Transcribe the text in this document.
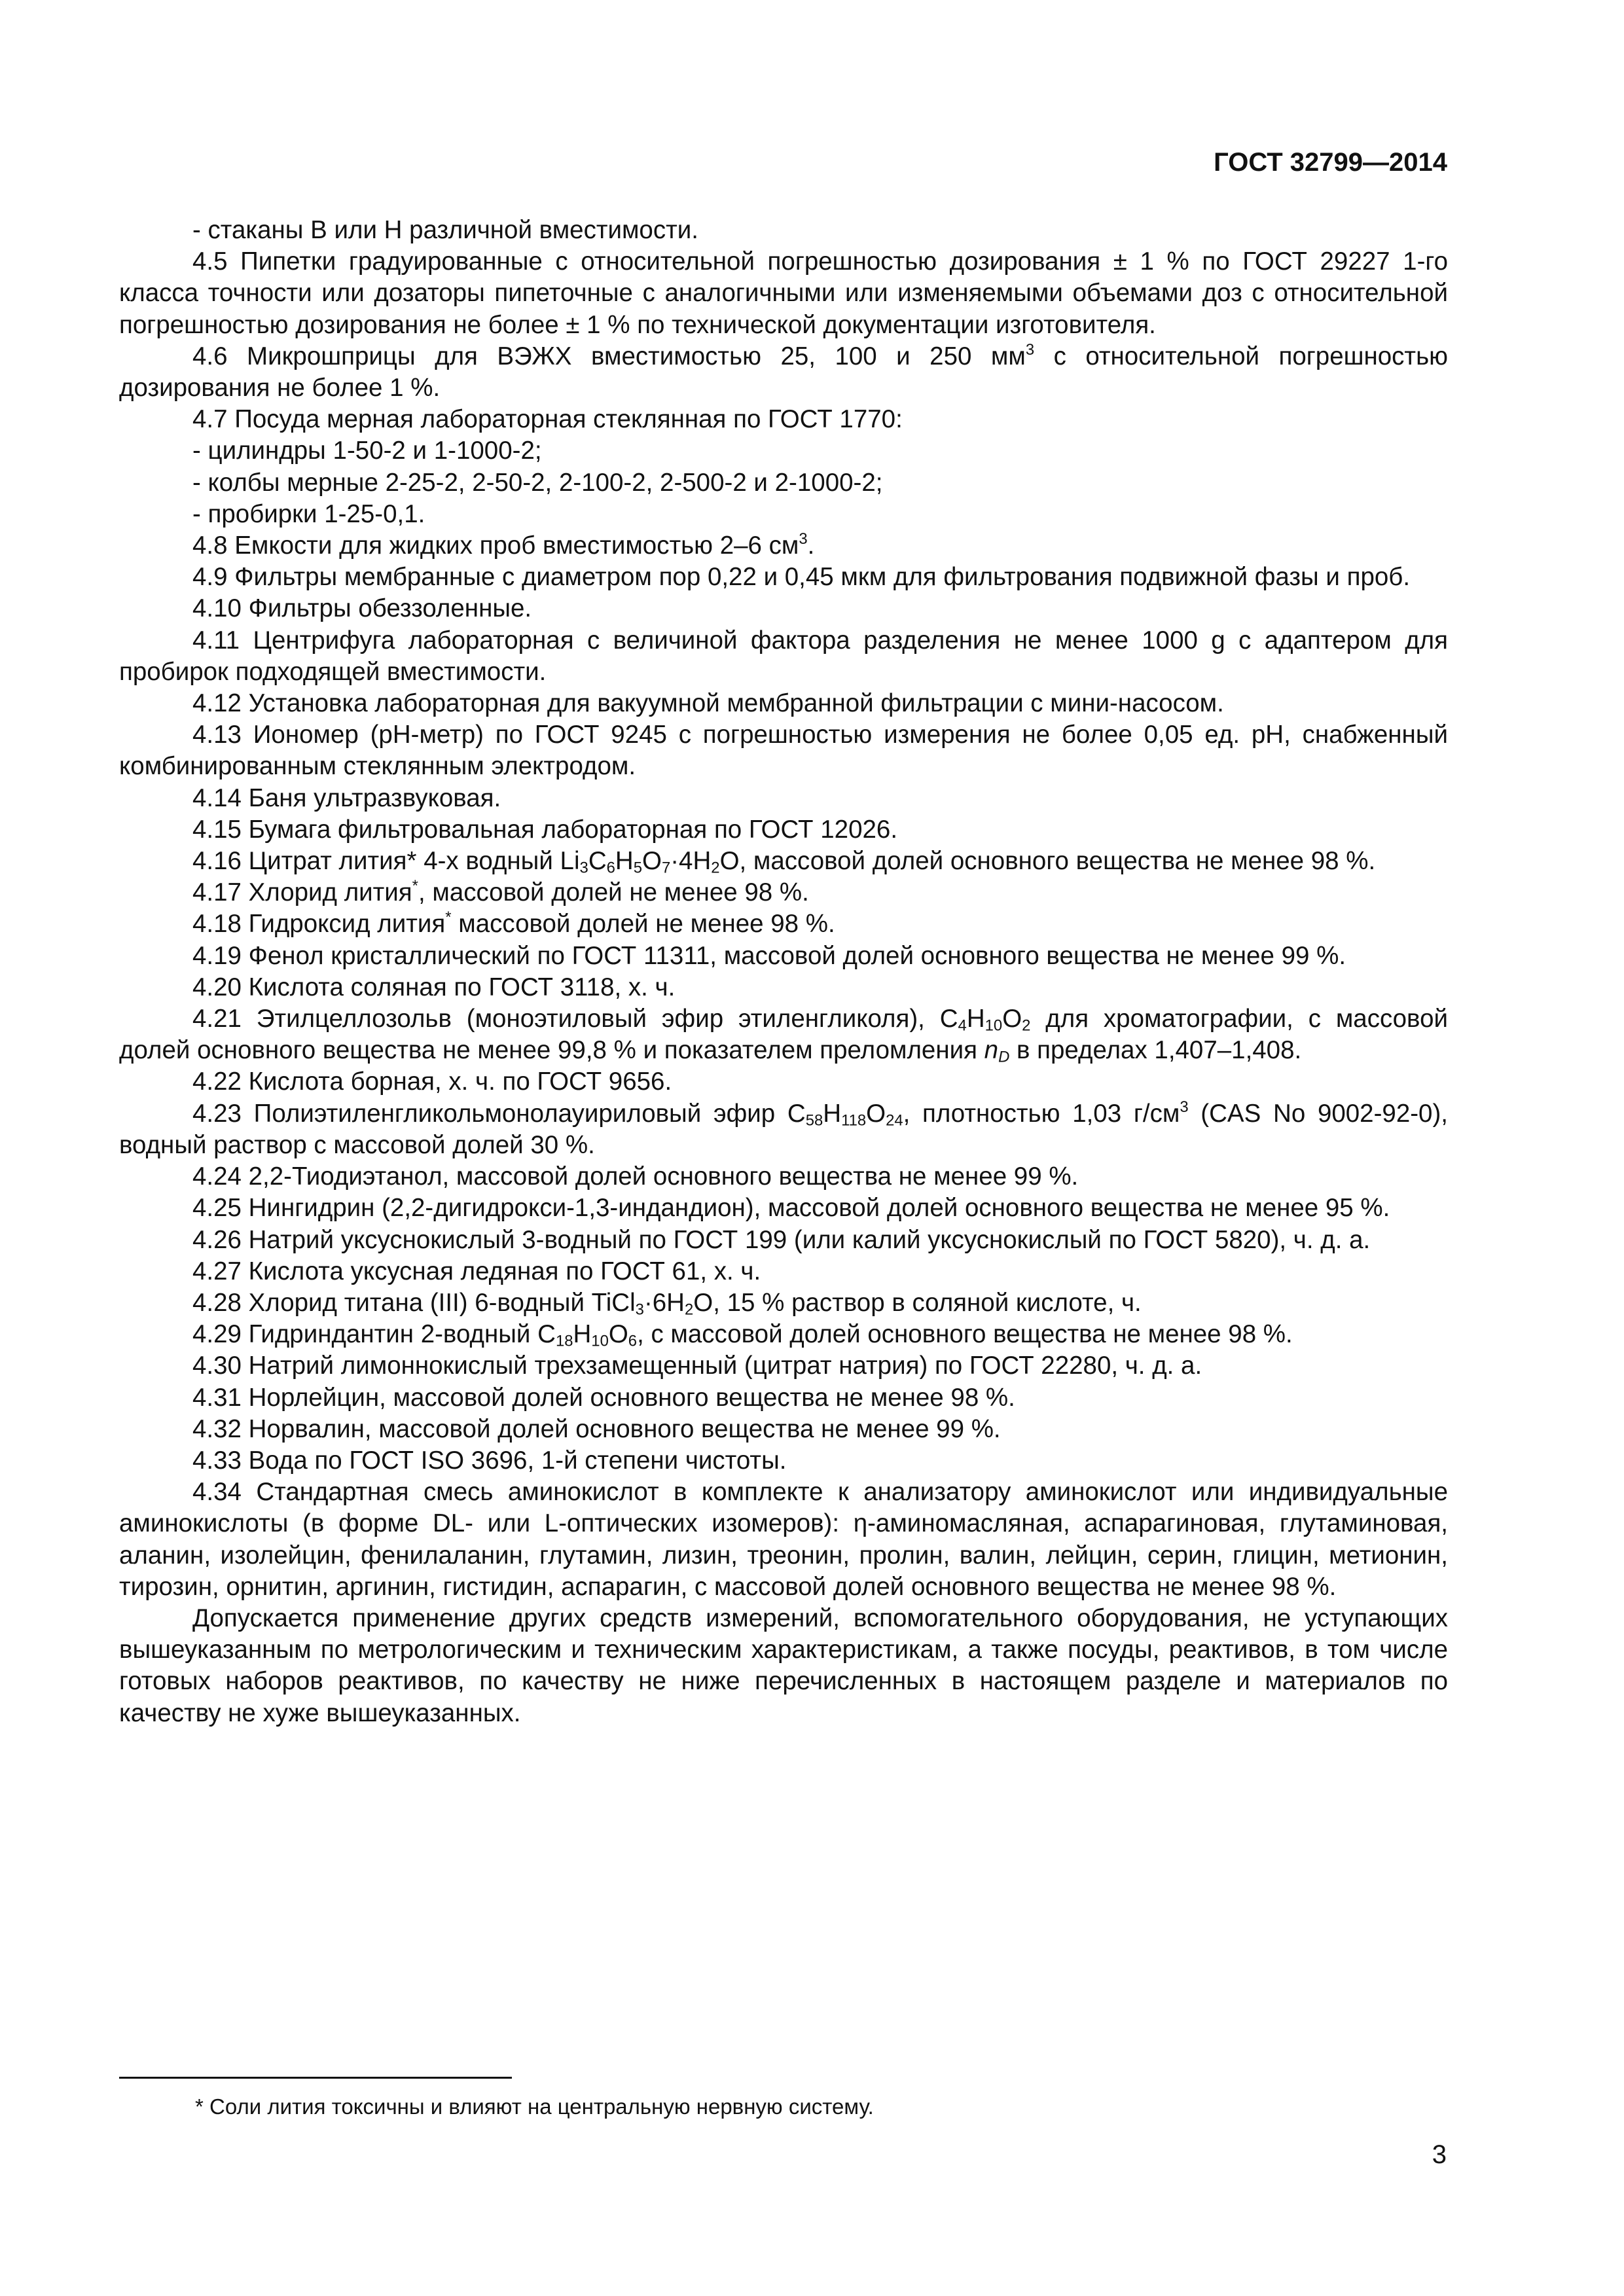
ГОСТ 32799—2014

- стаканы В или Н различной вместимости.

4.5 Пипетки градуированные с относительной погрешностью дозирования ± 1 % по ГОСТ 29227 1-го класса точности или дозаторы пипеточные с аналогичными или изменяемыми объемами доз с относительной погрешностью дозирования не более ± 1 % по технической документации изготовителя.

4.6 Микрошприцы для ВЭЖХ вместимостью 25, 100 и 250 $мм^3$ с относительной погрешностью дозирования не более 1 %.

4.7 Посуда мерная лабораторная стеклянная по ГОСТ 1770:

- цилиндры 1-50-2 и 1-1000-2;

- колбы мерные 2-25-2, 2-50-2, 2-100-2, 2-500-2 и 2-1000-2;

- пробирки 1-25-0,1.

4.8 Емкости для жидких проб вместимостью 2–6 $см^3$.

4.9 Фильтры мембранные с диаметром пор 0,22 и 0,45 мкм для фильтрования подвижной фазы и проб.

4.10 Фильтры обеззоленные.

4.11 Центрифуга лабораторная с величиной фактора разделения не менее 1000 g с адаптером для пробирок подходящей вместимости.

4.12 Установка лабораторная для вакуумной мембранной фильтрации с мини-насосом.

4.13 Иономер (рН-метр) по ГОСТ 9245 с погрешностью измерения не более 0,05 ед. рН, снабженный комбинированным стеклянным электродом.

4.14 Баня ультразвуковая.

4.15 Бумага фильтровальная лабораторная по ГОСТ 12026.

4.16 Цитрат лития* 4-х водный $Li_3C_6H_5O_7\cdot 4H_2O$, массовой долей основного вещества не менее 98 %.

4.17 Хлорид лития*, массовой долей не менее 98 %.

4.18 Гидроксид лития* массовой долей не менее 98 %.

4.19 Фенол кристаллический по ГОСТ 11311, массовой долей основного вещества не менее 99 %.

4.20 Кислота соляная по ГОСТ 3118, х. ч.

4.21 Этилцеллозольв (моноэтиловый эфир этиленгликоля), $C_4H_{10}O_2$ для хроматографии, с массовой долей основного вещества не менее 99,8 % и показателем преломления $n_D$ в пределах 1,407–1,408.

4.22 Кислота борная, х. ч. по ГОСТ 9656.

4.23 Полиэтиленгликольмонолауириловый эфир $C_{58}H_{118}O_{24}$, плотностью 1,03 $г/см^3$ (CAS No 9002-92-0), водный раствор с массовой долей 30 %.

4.24 2,2-Тиодиэтанол, массовой долей основного вещества не менее 99 %.

4.25 Нингидрин (2,2-дигидрокси-1,3-индандион), массовой долей основного вещества не менее 95 %.

4.26 Натрий уксуснокислый 3-водный по ГОСТ 199 (или калий уксуснокислый по ГОСТ 5820), ч. д. а.

4.27 Кислота уксусная ледяная по ГОСТ 61, х. ч.

4.28 Хлорид титана (III) 6-водный $TiCl_3\cdot 6H_2O$, 15 % раствор в соляной кислоте, ч.

4.29 Гидриндантин 2-водный $C_{18}H_{10}O_6$, с массовой долей основного вещества не менее 98 %.

4.30 Натрий лимоннокислый трехзамещенный (цитрат натрия) по ГОСТ 22280, ч. д. а.

4.31 Норлейцин, массовой долей основного вещества не менее 98 %.

4.32 Норвалин, массовой долей основного вещества не менее 99 %.

4.33 Вода по ГОСТ ISO 3696, 1-й степени чистоты.

4.34 Стандартная смесь аминокислот в комплекте к анализатору аминокислот или индивидуальные аминокислоты (в форме DL- или L-оптических изомеров): η-аминомасляная, аспарагиновая, глутаминовая, аланин, изолейцин, фенилаланин, глутамин, лизин, треонин, пролин, валин, лейцин, серин, глицин, метионин, тирозин, орнитин, аргинин, гистидин, аспарагин, с массовой долей основного вещества не менее 98 %.

Допускается применение других средств измерений, вспомогательного оборудования, не уступающих вышеуказанным по метрологическим и техническим характеристикам, а также посуды, реактивов, в том числе готовых наборов реактивов, по качеству не ниже перечисленных в настоящем разделе и материалов по качеству не хуже вышеуказанных.

* Соли лития токсичны и влияют на центральную нервную систему.
3
